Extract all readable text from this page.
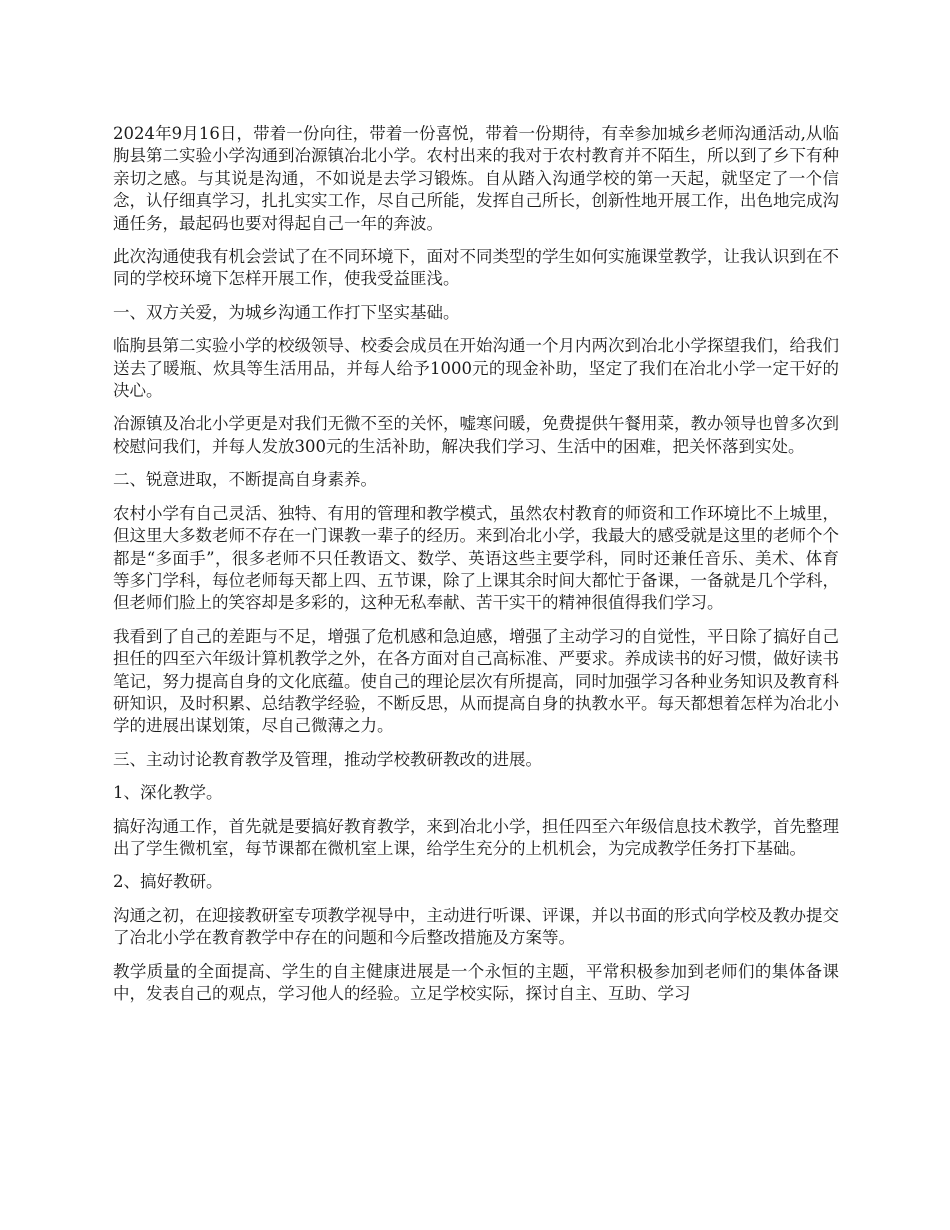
2024年9月16日，带着一份向往，带着一份喜悦，带着一份期待，有幸参加城乡老师沟通活动,从临朐县第二实验小学沟通到冶源镇冶北小学。农村出来的我对于农村教育并不陌生，所以到了乡下有种亲切之感。与其说是沟通，不如说是去学习锻炼。自从踏入沟通学校的第一天起，就坚定了一个信念，认仔细真学习，扎扎实实工作，尽自己所能，发挥自己所长，创新性地开展工作，出色地完成沟通任务，最起码也要对得起自己一年的奔波。

此次沟通使我有机会尝试了在不同环境下，面对不同类型的学生如何实施课堂教学，让我认识到在不同的学校环境下怎样开展工作，使我受益匪浅。

一、双方关爱，为城乡沟通工作打下坚实基础。

临朐县第二实验小学的校级领导、校委会成员在开始沟通一个月内两次到冶北小学探望我们，给我们送去了暖瓶、炊具等生活用品，并每人给予1000元的现金补助，坚定了我们在冶北小学一定干好的决心。

冶源镇及冶北小学更是对我们无微不至的关怀，嘘寒问暖，免费提供午餐用菜，教办领导也曾多次到校慰问我们，并每人发放300元的生活补助，解决我们学习、生活中的困难，把关怀落到实处。

二、锐意进取，不断提高自身素养。

农村小学有自己灵活、独特、有用的管理和教学模式，虽然农村教育的师资和工作环境比不上城里，但这里大多数老师不存在一门课教一辈子的经历。来到冶北小学，我最大的感受就是这里的老师个个都是“多面手”，很多老师不只任教语文、数学、英语这些主要学科，同时还兼任音乐、美术、体育等多门学科，每位老师每天都上四、五节课，除了上课其余时间大都忙于备课，一备就是几个学科，但老师们脸上的笑容却是多彩的，这种无私奉献、苦干实干的精神很值得我们学习。

我看到了自己的差距与不足，增强了危机感和急迫感，增强了主动学习的自觉性，平日除了搞好自己担任的四至六年级计算机教学之外，在各方面对自己高标准、严要求。养成读书的好习惯，做好读书笔记，努力提高自身的文化底蕴。使自己的理论层次有所提高，同时加强学习各种业务知识及教育科研知识，及时积累、总结教学经验，不断反思，从而提高自身的执教水平。每天都想着怎样为冶北小学的进展出谋划策，尽自己微薄之力。

三、主动讨论教育教学及管理，推动学校教研教改的进展。

1、深化教学。

搞好沟通工作，首先就是要搞好教育教学，来到冶北小学，担任四至六年级信息技术教学，首先整理出了学生微机室，每节课都在微机室上课，给学生充分的上机机会，为完成教学任务打下基础。

2、搞好教研。

沟通之初，在迎接教研室专项教学视导中，主动进行听课、评课，并以书面的形式向学校及教办提交了冶北小学在教育教学中存在的问题和今后整改措施及方案等。

教学质量的全面提高、学生的自主健康进展是一个永恒的主题，平常积极参加到老师们的集体备课中，发表自己的观点，学习他人的经验。立足学校实际，探讨自主、互助、学习
